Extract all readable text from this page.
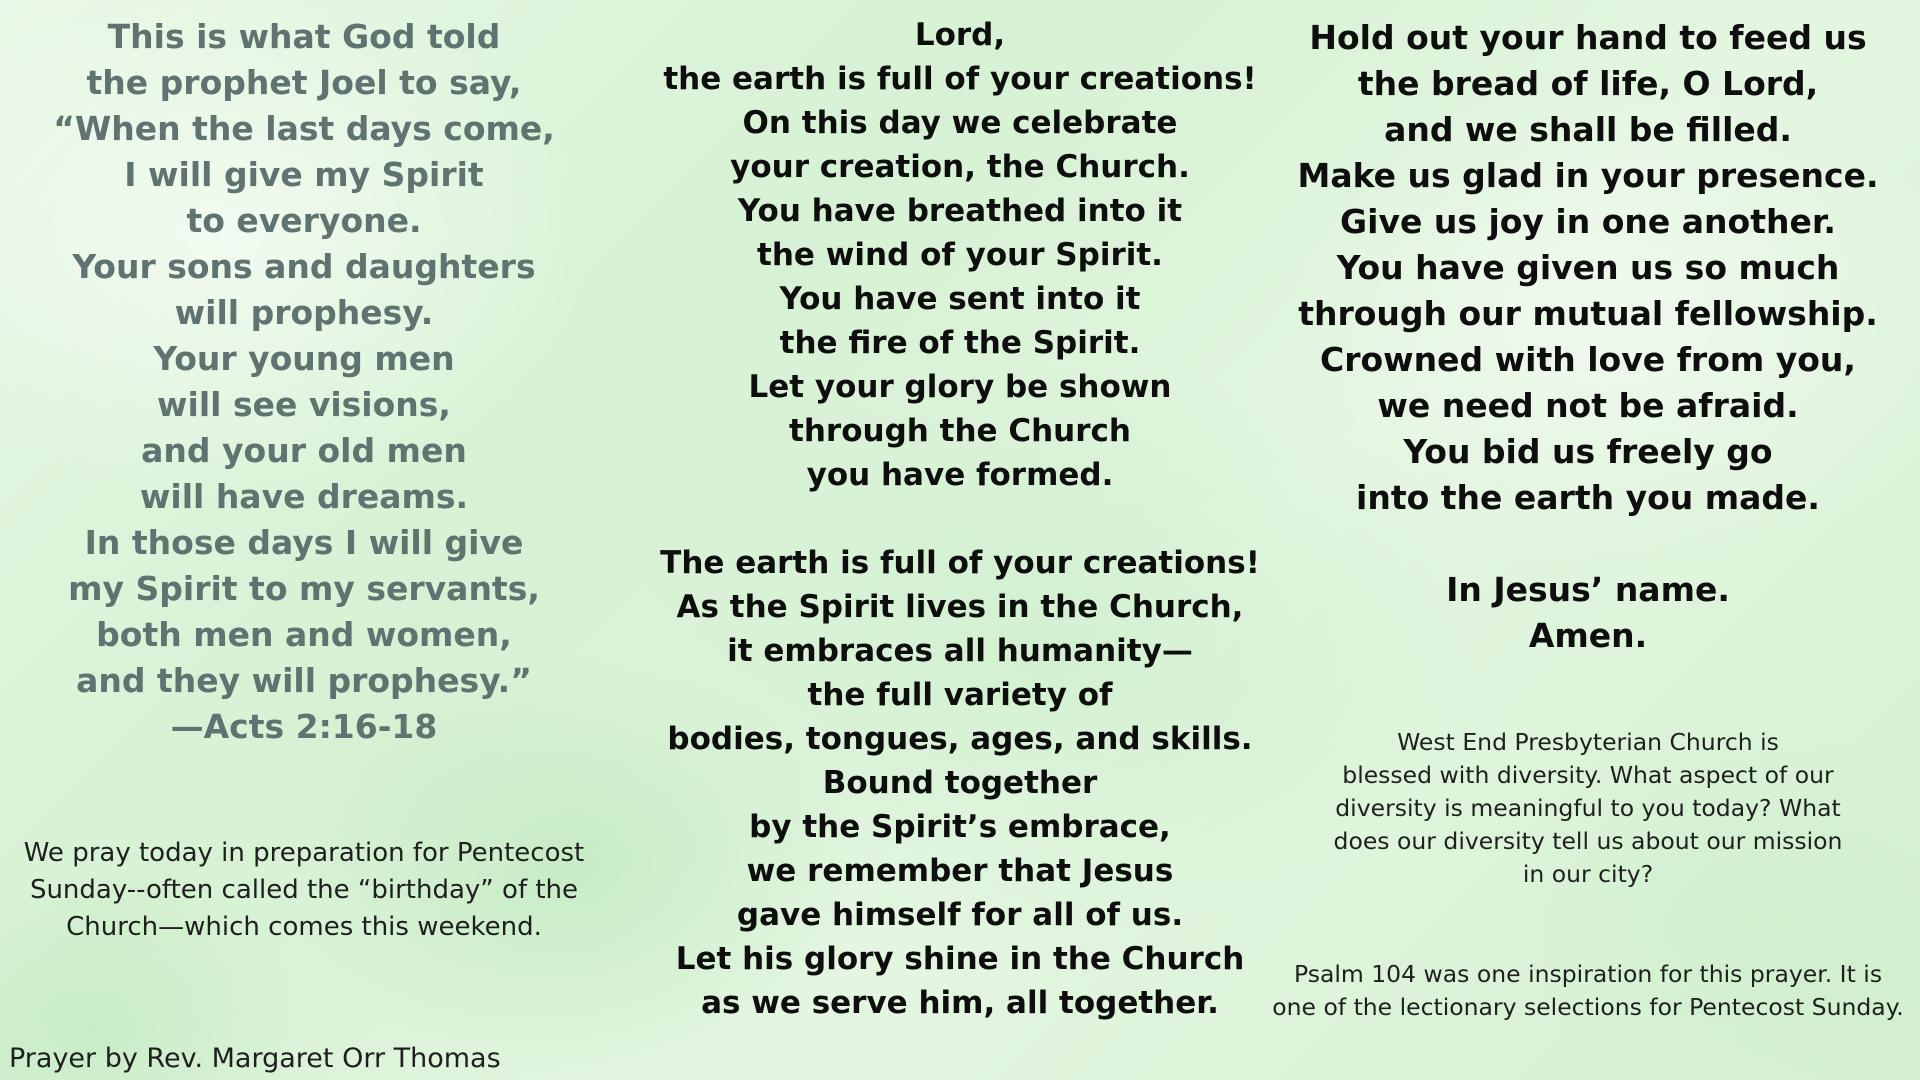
This is what God told
the prophet Joel to say,
“When the last days come,
I will give my Spirit
to everyone.
Your sons and daughters
will prophesy.
Your young men
will see visions,
and your old men
will have dreams.
In those days I will give
my Spirit to my servants,
both men and women,
and they will prophesy.”
—Acts 2:16-18

We pray today in preparation for Pentecost
Sunday--often called the “birthday” of the
Church—which comes this weekend.

Prayer by Rev. Margaret Orr Thomas

Lord,
the earth is full of your creations!
On this day we celebrate
your creation, the Church.
You have breathed into it
the wind of your Spirit.
You have sent into it
the fire of the Spirit.
Let your glory be shown
through the Church
you have formed.

The earth is full of your creations!
As the Spirit lives in the Church,
it embraces all humanity—
the full variety of
bodies, tongues, ages, and skills.
Bound together
by the Spirit’s embrace,
we remember that Jesus
gave himself for all of us.
Let his glory shine in the Church
as we serve him, all together.

Hold out your hand to feed us
the bread of life, O Lord,
and we shall be filled.
Make us glad in your presence.
Give us joy in one another.
You have given us so much
through our mutual fellowship.
Crowned with love from you,
we need not be afraid.
You bid us freely go
into the earth you made.

In Jesus’ name.
Amen.

West End Presbyterian Church is
blessed with diversity. What aspect of our
diversity is meaningful to you today? What
does our diversity tell us about our mission
in our city?

Psalm 104 was one inspiration for this prayer. It is
one of the lectionary selections for Pentecost Sunday.
